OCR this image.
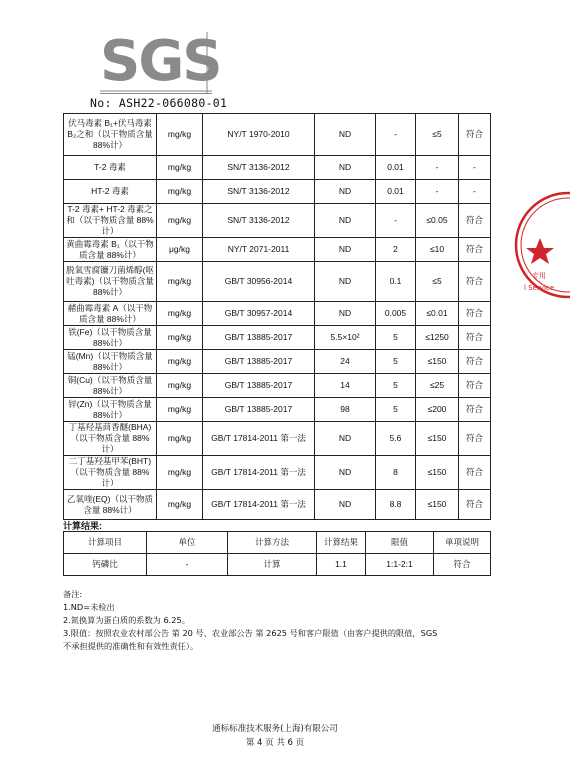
SGS
No: ASH22-066080-01
伏马毒素 B₁+伏马毒素 B₂之和（以干物质含量 88%计）	mg/kg	NY/T 1970-2010	ND	-	≤5	符合
T-2 毒素	mg/kg	SN/T 3136-2012	ND	0.01	-	-
HT-2 毒素	mg/kg	SN/T 3136-2012	ND	0.01	-	-
T-2 毒素+ HT-2 毒素之和（以干物质含量 88%计）	mg/kg	SN/T 3136-2012	ND	-	≤0.05	符合
黄曲霉毒素 B₁（以干物质含量 88%计）	μg/kg	NY/T 2071-2011	ND	2	≤10	符合
脱氧雪腐镰刀菌烯醇(呕吐毒素)（以干物质含量 88%计）	mg/kg	GB/T 30956-2014	ND	0.1	≤5	符合
赭曲霉毒素 A（以干物质含量 88%计）	mg/kg	GB/T 30957-2014	ND	0.005	≤0.01	符合
铁(Fe)（以干物质含量 88%计）	mg/kg	GB/T 13885-2017	5.5×10²	5	≤1250	符合
锰(Mn)（以干物质含量 88%计）	mg/kg	GB/T 13885-2017	24	5	≤150	符合
铜(Cu)（以干物质含量 88%计）	mg/kg	GB/T 13885-2017	14	5	≤25	符合
锌(Zn)（以干物质含量 88%计）	mg/kg	GB/T 13885-2017	98	5	≤200	符合
丁基羟基茴香醚(BHA)（以干物质含量 88%计）	mg/kg	GB/T 17814-2011 第一法	ND	5.6	≤150	符合
二丁基羟基甲苯(BHT)（以干物质含量 88%计）	mg/kg	GB/T 17814-2011 第一法	ND	8	≤150	符合
乙氧喹(EQ)（以干物质含量 88%计）	mg/kg	GB/T 17814-2011 第一法	ND	8.8	≤150	符合
计算结果:
计算项目	单位	计算方法	计算结果	限值	单项说明
钙磷比	-	计算	1.1	1:1-2:1	符合
备注:
1.ND=未检出
2.氮换算为蛋白质的系数为 6.25。
3.限值：按照农业农村部公告 第 20 号、农业部公告 第 2625 号和客户限值（由客户提供的限值，SGS
不承担提供的准确性和有效性责任）。
通标标准技术服务(上海)有限公司
第 4 页 共 6 页
专用
l Service
